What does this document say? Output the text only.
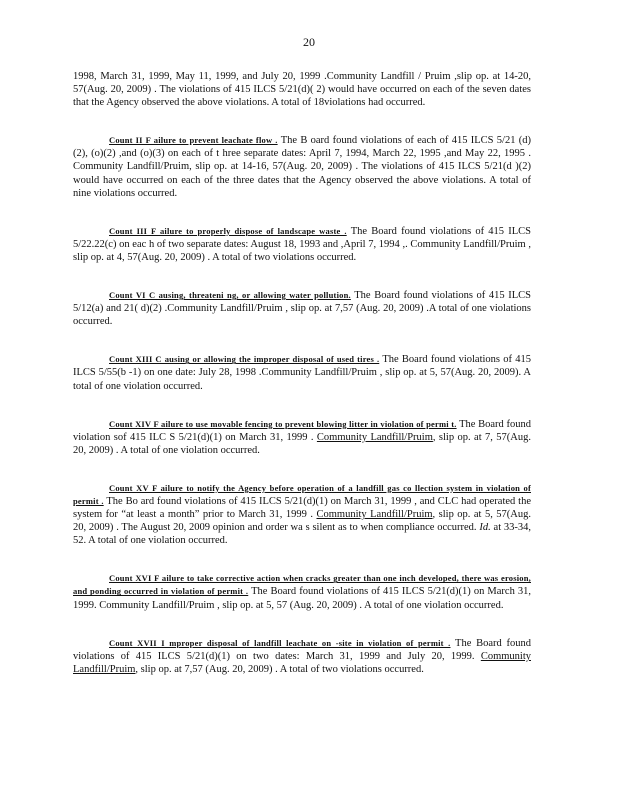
20

1998, March 31, 1999, May 11, 1999, and July 20, 1999 .Community Landfill / Pruim ,slip op. at 14-20, 57(Aug. 20, 2009) . The violations of 415 ILCS 5/21(d)( 2) would have occurred on each of the seven dates that the Agency observed the above violations. A total of 18violations had occurred.

Count II F ailure to prevent leachate flow . The B oard found violations of each of 415 ILCS 5/21 (d)(2), (o)(2) ,and (o)(3) on each of t hree separate dates: April 7, 1994, March 22, 1995 ,and May 22, 1995 . Community Landfill/Pruim, slip op. at 14-16, 57(Aug. 20, 2009) . The violations of 415 ILCS 5/21(d )(2) would have occurred on each of the three dates that the Agency observed the above violations. A total of nine violations occurred.

Count III F ailure to properly dispose of landscape waste . The Board found violations of 415 ILCS 5/22.22(c) on eac h of two separate dates: August 18, 1993 and ,April 7, 1994 ,. Community Landfill/Pruim , slip op. at 4, 57(Aug. 20, 2009) . A total of two violations occurred.

Count VI C ausing, threateni ng, or allowing water pollution. The Board found violations of 415 ILCS 5/12(a) and 21( d)(2) .Community Landfill/Pruim , slip op. at 7,57 (Aug. 20, 2009) .A total of one violations occurred.

Count XIII C ausing or allowing the improper disposal of used tires . The Board found violations of 415 ILCS 5/55(b -1) on one date: July 28, 1998 .Community Landfill/Pruim , slip op. at 5, 57(Aug. 20, 2009). A total of one violation occurred.

Count XIV F ailure to use movable fencing to prevent blowing litter in violation of permi t. The Board found violation sof 415 ILC S 5/21(d)(1) on March 31, 1999 . Community Landfill/Pruim, slip op. at 7, 57(Aug. 20, 2009) . A total of one violation occurred.

Count XV F ailure to notify the Agency before operation of a landfill gas co llection system in violation of permit . The Bo ard found violations of 415 ILCS 5/21(d)(1) on March 31, 1999 , and CLC had operated the system for “at least a month” prior to March 31, 1999 . Community Landfill/Pruim, slip op. at 5, 57(Aug. 20, 2009) . The August 20, 2009 opinion and order wa s silent as to when compliance occurred. Id. at 33-34, 52. A total of one violation occurred.

Count XVI F ailure to take corrective action when cracks greater than one inch developed, there was erosion, and ponding occurred in violation of permit . The Board found violations of 415 ILCS 5/21(d)(1) on March 31, 1999. Community Landfill/Pruim , slip op. at 5, 57 (Aug. 20, 2009) . A total of one violation occurred.

Count XVII I mproper disposal of landfill leachate on -site in violation of permit . The Board found violations of 415 ILCS 5/21(d)(1) on two dates: March 31, 1999 and July 20, 1999. Community Landfill/Pruim, slip op. at 7,57 (Aug. 20, 2009) . A total of two violations occurred.
